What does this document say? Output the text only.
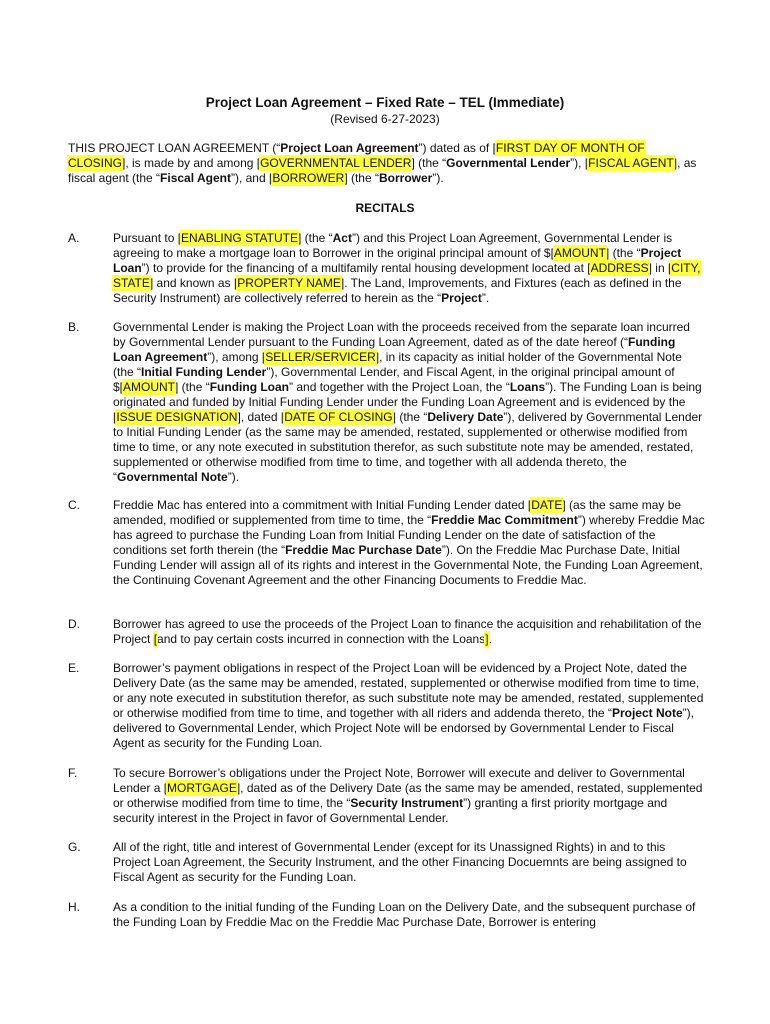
Project Loan Agreement – Fixed Rate – TEL (Immediate)
(Revised 6-27-2023)
THIS PROJECT LOAN AGREEMENT (“Project Loan Agreement”) dated as of [FIRST DAY OF MONTH OF CLOSING], is made by and among [GOVERNMENTAL LENDER] (the “Governmental Lender”), [FISCAL AGENT], as fiscal agent (the “Fiscal Agent”), and [BORROWER] (the “Borrower”).
RECITALS
A.	Pursuant to [ENABLING STATUTE] (the “Act”) and this Project Loan Agreement, Governmental Lender is agreeing to make a mortgage loan to Borrower in the original principal amount of $[AMOUNT] (the “Project Loan”) to provide for the financing of a multifamily rental housing development located at [ADDRESS] in [CITY, STATE] and known as [PROPERTY NAME]. The Land, Improvements, and Fixtures (each as defined in the Security Instrument) are collectively referred to herein as the “Project”.
B.	Governmental Lender is making the Project Loan with the proceeds received from the separate loan incurred by Governmental Lender pursuant to the Funding Loan Agreement, dated as of the date hereof (“Funding Loan Agreement”), among [SELLER/SERVICER], in its capacity as initial holder of the Governmental Note (the “Initial Funding Lender”), Governmental Lender, and Fiscal Agent, in the original principal amount of $[AMOUNT] (the “Funding Loan” and together with the Project Loan, the “Loans”). The Funding Loan is being originated and funded by Initial Funding Lender under the Funding Loan Agreement and is evidenced by the [ISSUE DESIGNATION], dated [DATE OF CLOSING] (the “Delivery Date”), delivered by Governmental Lender to Initial Funding Lender (as the same may be amended, restated, supplemented or otherwise modified from time to time, or any note executed in substitution therefor, as such substitute note may be amended, restated, supplemented or otherwise modified from time to time, and together with all addenda thereto, the “Governmental Note”).
C.	Freddie Mac has entered into a commitment with Initial Funding Lender dated [DATE] (as the same may be amended, modified or supplemented from time to time, the “Freddie Mac Commitment”) whereby Freddie Mac has agreed to purchase the Funding Loan from Initial Funding Lender on the date of satisfaction of the conditions set forth therein (the “Freddie Mac Purchase Date”). On the Freddie Mac Purchase Date, Initial Funding Lender will assign all of its rights and interest in the Governmental Note, the Funding Loan Agreement, the Continuing Covenant Agreement and the other Financing Documents to Freddie Mac.
D.	Borrower has agreed to use the proceeds of the Project Loan to finance the acquisition and rehabilitation of the Project [and to pay certain costs incurred in connection with the Loans].
E.	Borrower’s payment obligations in respect of the Project Loan will be evidenced by a Project Note, dated the Delivery Date (as the same may be amended, restated, supplemented or otherwise modified from time to time, or any note executed in substitution therefor, as such substitute note may be amended, restated, supplemented or otherwise modified from time to time, and together with all riders and addenda thereto, the “Project Note”), delivered to Governmental Lender, which Project Note will be endorsed by Governmental Lender to Fiscal Agent as security for the Funding Loan.
F.	To secure Borrower’s obligations under the Project Note, Borrower will execute and deliver to Governmental Lender a [MORTGAGE], dated as of the Delivery Date (as the same may be amended, restated, supplemented or otherwise modified from time to time, the “Security Instrument”) granting a first priority mortgage and security interest in the Project in favor of Governmental Lender.
G.	All of the right, title and interest of Governmental Lender (except for its Unassigned Rights) in and to this Project Loan Agreement, the Security Instrument, and the other Financing Docuemnts are being assigned to Fiscal Agent as security for the Funding Loan.
H.	As a condition to the initial funding of the Funding Loan on the Delivery Date, and the subsequent purchase of the Funding Loan by Freddie Mac on the Freddie Mac Purchase Date, Borrower is entering
